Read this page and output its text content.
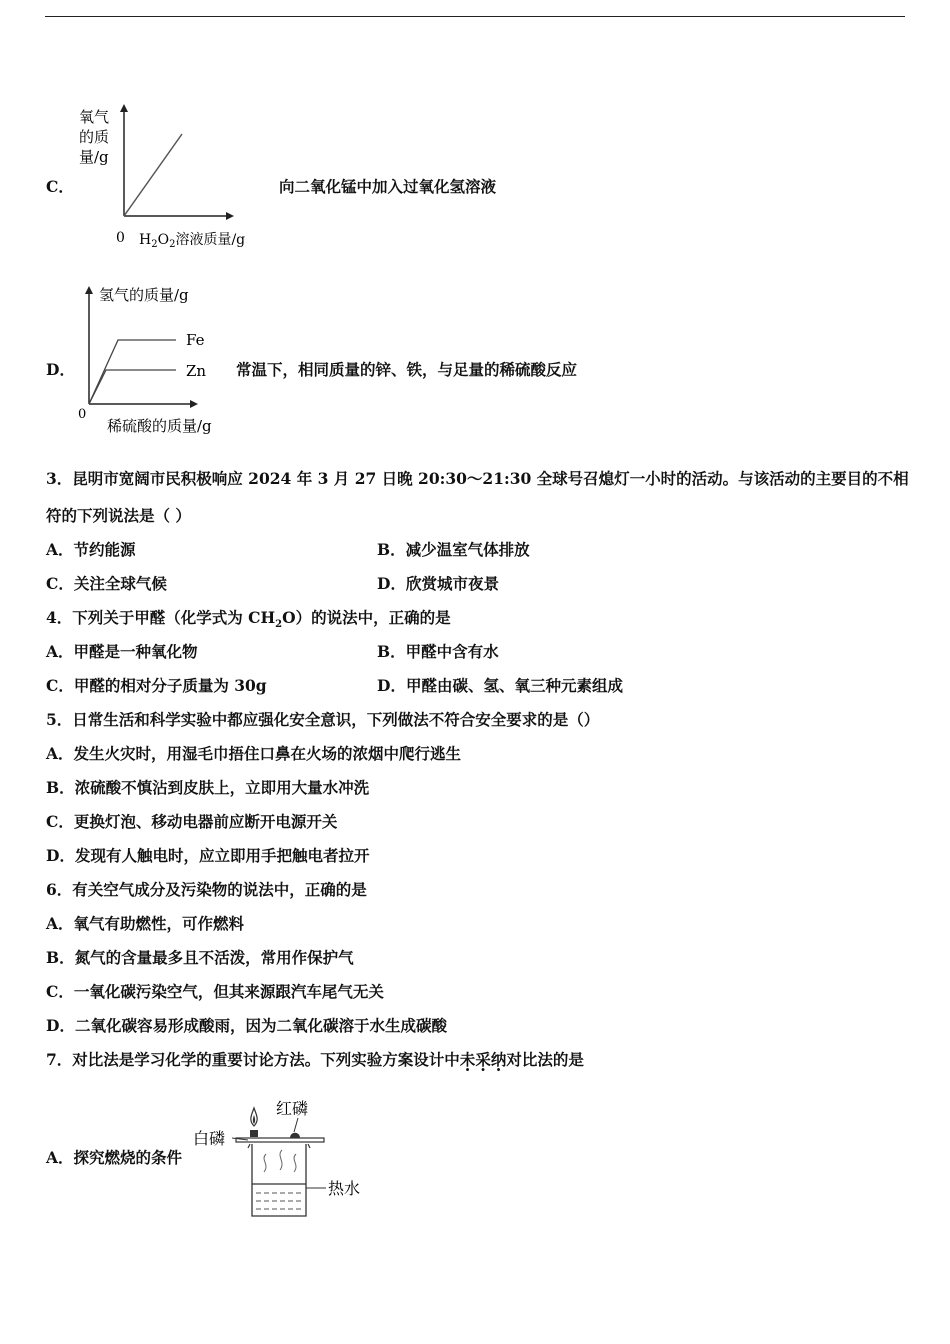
C．
氧气
的质
量/g
0 $H_2O_2$溶液质量/g
向二氧化锰中加入过氧化氢溶液
D．
氢气的质量/g
Fe
Zn
0
稀硫酸的质量/g
常温下，相同质量的锌、铁，与足量的稀硫酸反应
3．昆明市宽阔市民积极响应 2024 年 3 月 27 日晚 20:30～21:30 全球号召熄灯一小时的活动。与该活动的主要目的不相
符的下列说法是（ ）
A．节约能源	B．减少温室气体排放
C．关注全球气候	D．欣赏城市夜景
4．下列关于甲醛（化学式为 $CH_2O$）的说法中，正确的是
A．甲醛是一种氧化物	B．甲醛中含有水
C．甲醛的相对分子质量为 30g	D．甲醛由碳、氢、氧三种元素组成
5．日常生活和科学实验中都应强化安全意识，下列做法不符合安全要求的是（）
A．发生火灾时，用湿毛巾捂住口鼻在火场的浓烟中爬行逃生
B．浓硫酸不慎沾到皮肤上，立即用大量水冲洗
C．更换灯泡、移动电器前应断开电源开关
D．发现有人触电时，应立即用手把触电者拉开
6．有关空气成分及污染物的说法中，正确的是
A．氧气有助燃性，可作燃料
B．氮气的含量最多且不活泼，常用作保护气
C．一氧化碳污染空气，但其来源跟汽车尾气无关
D．二氧化碳容易形成酸雨，因为二氧化碳溶于水生成碳酸
7．对比法是学习化学的重要讨论方法。下列实验方案设计中未采纳对比法的是
A．探究燃烧的条件
红磷
白磷
热水
